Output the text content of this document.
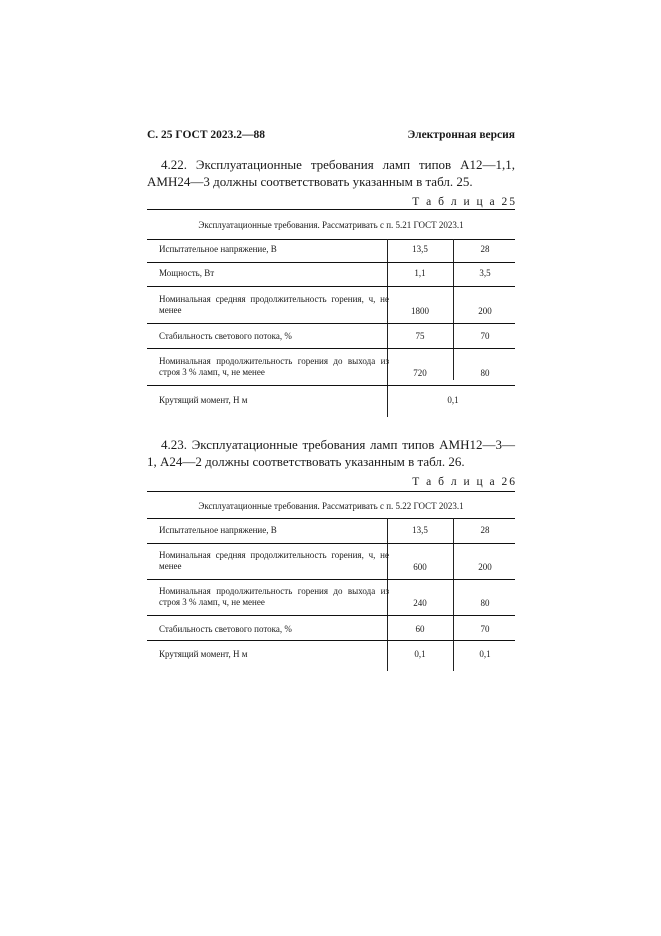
С. 25 ГОСТ 2023.2—88	Электронная версия
4.22. Эксплуатационные требования ламп типов А12—1,1, АМН24—3 должны соответствовать указанным в табл. 25.
Т а б л и ц а 25
Эксплуатационные требования. Рассматривать с п. 5.21 ГОСТ 2023.1
Испытательное напряжение, В	13,5	28
Мощность, Вт	1,1	3,5
Номинальная средняя продолжительность горения, ч, не менее	1800	200
Стабильность светового потока, %	75	70
Номинальная продолжительность горения до выхода из строя 3 % ламп, ч, не менее	720	80
Крутящий момент, Н м	0,1
4.23. Эксплуатационные требования ламп типов АМН12—3—1, А24—2 должны соответствовать указанным в табл. 26.
Т а б л и ц а 26
Эксплуатационные требования. Рассматривать с п. 5.22 ГОСТ 2023.1
Испытательное напряжение, В	13,5	28
Номинальная средняя продолжительность горения, ч, не менее	600	200
Номинальная продолжительность горения до выхода из строя 3 % ламп, ч, не менее	240	80
Стабильность светового потока, %	60	70
Крутящий момент, Н м	0,1	0,1
